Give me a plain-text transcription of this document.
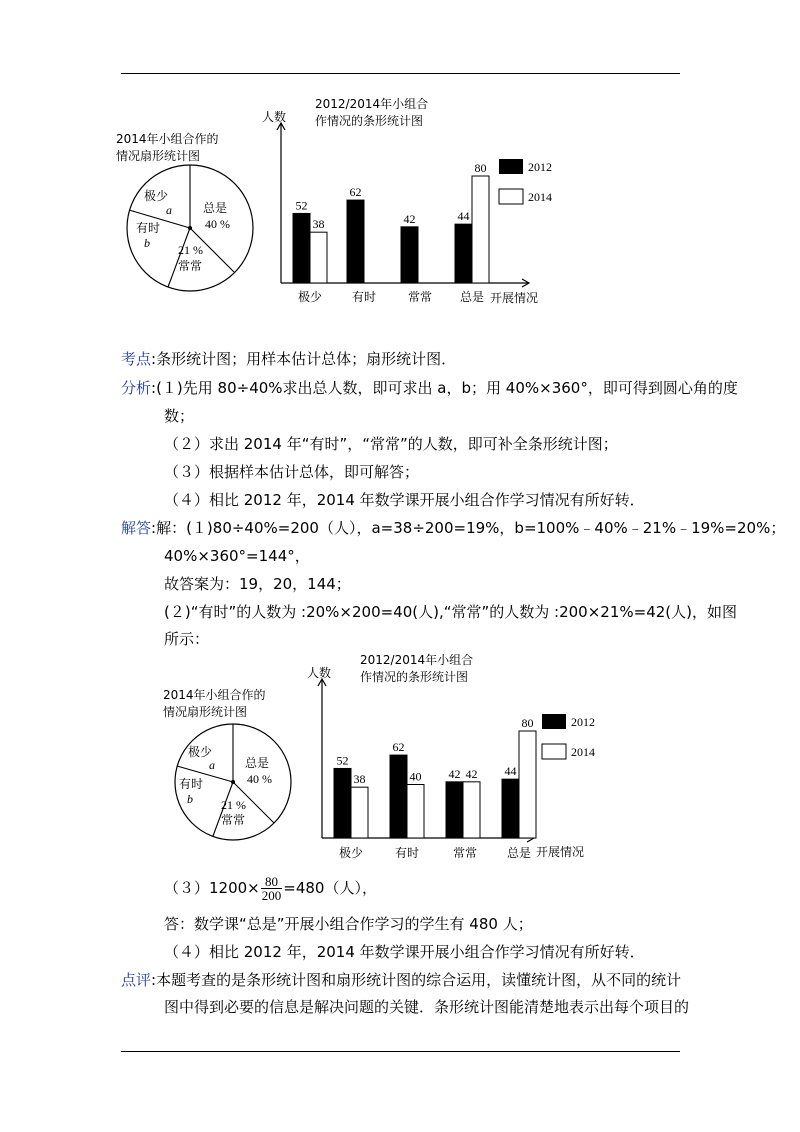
2014年小组合作的
情况扇形统计图
极少
a
有时
b 21 %
常常
总是
40 %
2012/2014年小组合
作情况的条形统计图
人数
开展情况
52
38
62
42	44
80
极少 有时	常常 总是
2012
2014
考点:条形统计图；用样本估计总体；扇形统计图．
分析:(１)先用 80÷40%求出总人数，即可求出 a，b；用 40%×360°，即可得到圆心角的度
数；
（２）求出 2014 年“有时”，“常常”的人数，即可补全条形统计图；
（３）根据样本估计总体，即可解答；
（４）相比 2012 年，2014 年数学课开展小组合作学习情况有所好转．
解答:解：(１)80÷40%=200（人），a=38÷200=19%，b=100%﹣40%﹣21%﹣19%=20%；
40%×360°=144°，
故答案为：19，20，144；
(２)“有时”的人数为 :20%×200=40(人),“常常”的人数为 :200×21%=42(人)，如图
所示：
2014年小组合作的
情况扇形统计图
极少
a
有时
b 21 %
常常
总是
40 %
2012/2014年小组合
作情况的条形统计图
人数
开展情况
52
38
62
40 42 42 44
80
极少	有时	常常 总是
2012
2014
$(3)1200\times \frac{80}{200} =480$（人），
答：数学课“总是”开展小组合作学习的学生有 480 人；
（４）相比 2012 年，2014 年数学课开展小组合作学习情况有所好转．
点评:本题考查的是条形统计图和扇形统计图的综合运用，读懂统计图，从不同的统计
图中得到必要的信息是解决问题的关键．条形统计图能清楚地表示出每个项目的
